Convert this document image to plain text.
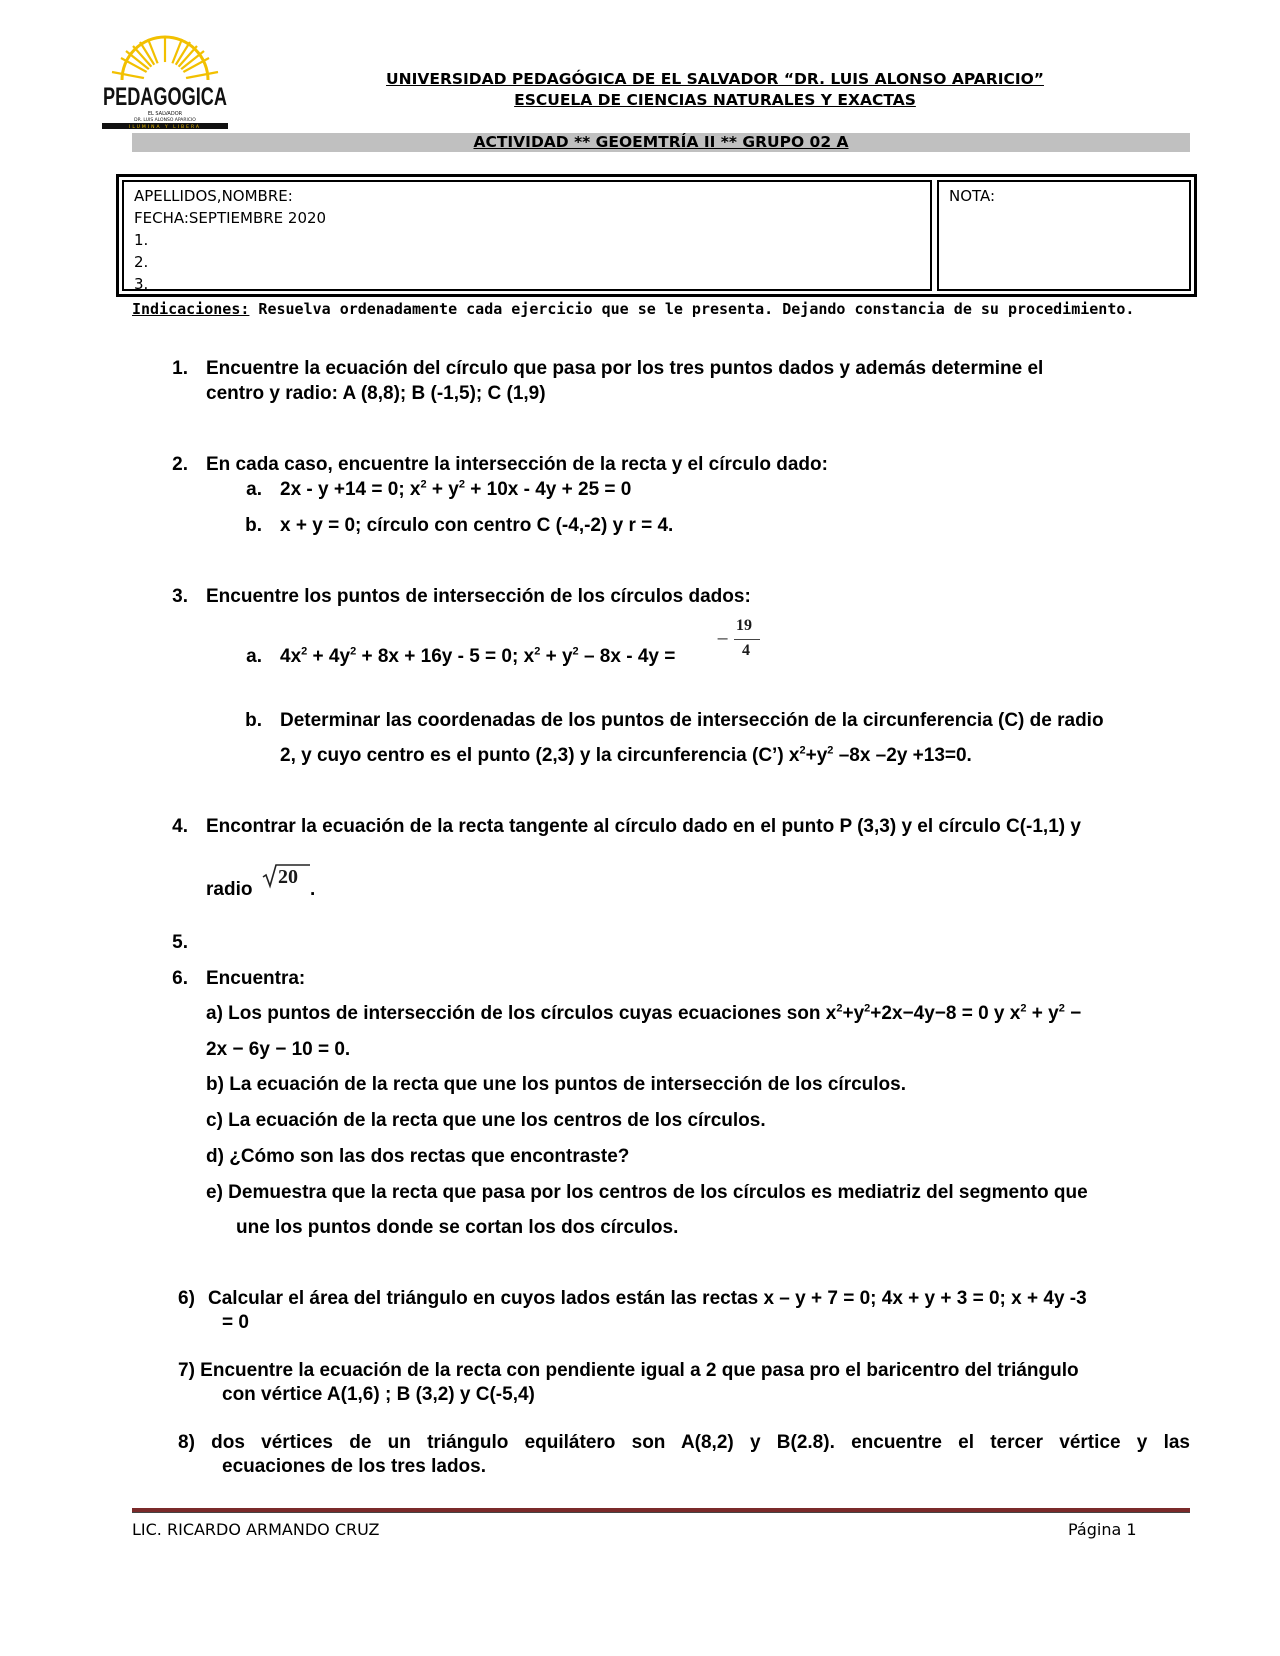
PEDAGOGICA
EL SALVADOR
DR. LUIS ALONSO APARICIO
ILUMINA Y LIBERA
UNIVERSIDAD PEDAGÓGICA DE EL SALVADOR “DR. LUIS ALONSO APARICIO”
ESCUELA DE CIENCIAS NATURALES Y EXACTAS
ACTIVIDAD ** GEOEMTRÍA II ** GRUPO 02 A
APELLIDOS,NOMBRE:
FECHA:SEPTIEMBRE 2020
1.
2.
3.
NOTA:
Indicaciones: Resuelva ordenadamente cada ejercicio que se le presenta. Dejando constancia de su procedimiento.
1. Encuentre la ecuación del círculo que pasa por los tres puntos dados y además determine el
centro y radio: A (8,8); B (-1,5); C (1,9)
2. En cada caso, encuentre la intersección de la recta y el círculo dado:
a. 2x - y +14 = 0; $x^2 + y^2 + 10x - 4y + 25 = 0$
b. x + y = 0; círculo con centro C (-4,-2) y r = 4.
3. Encuentre los puntos de intersección de los círculos dados:
a. $4x^2 + 4y^2 + 8x + 16y - 5 = 0$; $x^2 + y^2 - 8x - 4y$ =
−
19
4
b. Determinar las coordenadas de los puntos de intersección de la circunferencia (C) de radio
2, y cuyo centro es el punto (2,3) y la circunferencia (C’) $x^2+y^2$ –8x –2y +13=0.
4. Encontrar la ecuación de la recta tangente al círculo dado en el punto P (3,3) y el círculo C(-1,1) y
radio
20
.
5.
6. Encuentra:
a) Los puntos de intersección de los círculos cuyas ecuaciones son $x^2+y^2+2x-4y-8 = 0$ y $x^2 + y^2$ −
2x − 6y − 10 = 0.
b) La ecuación de la recta que une los puntos de intersección de los círculos.
c) La ecuación de la recta que une los centros de los círculos.
d) ¿Cómo son las dos rectas que encontraste?
e) Demuestra que la recta que pasa por los centros de los círculos es mediatriz del segmento que
une los puntos donde se cortan los dos círculos.
6) Calcular el área del triángulo en cuyos lados están las rectas x – y + 7 = 0; 4x + y + 3 = 0; x + 4y -3
= 0
7) Encuentre la ecuación de la recta con pendiente igual a 2 que pasa pro el baricentro del triángulo
con vértice A(1,6) ; B (3,2) y C(-5,4)
8) dos vértices de un triángulo equilátero son A(8,2) y B(2.8). encuentre el tercer vértice y las
ecuaciones de los tres lados.
LIC. RICARDO ARMANDO CRUZ	Página 1
